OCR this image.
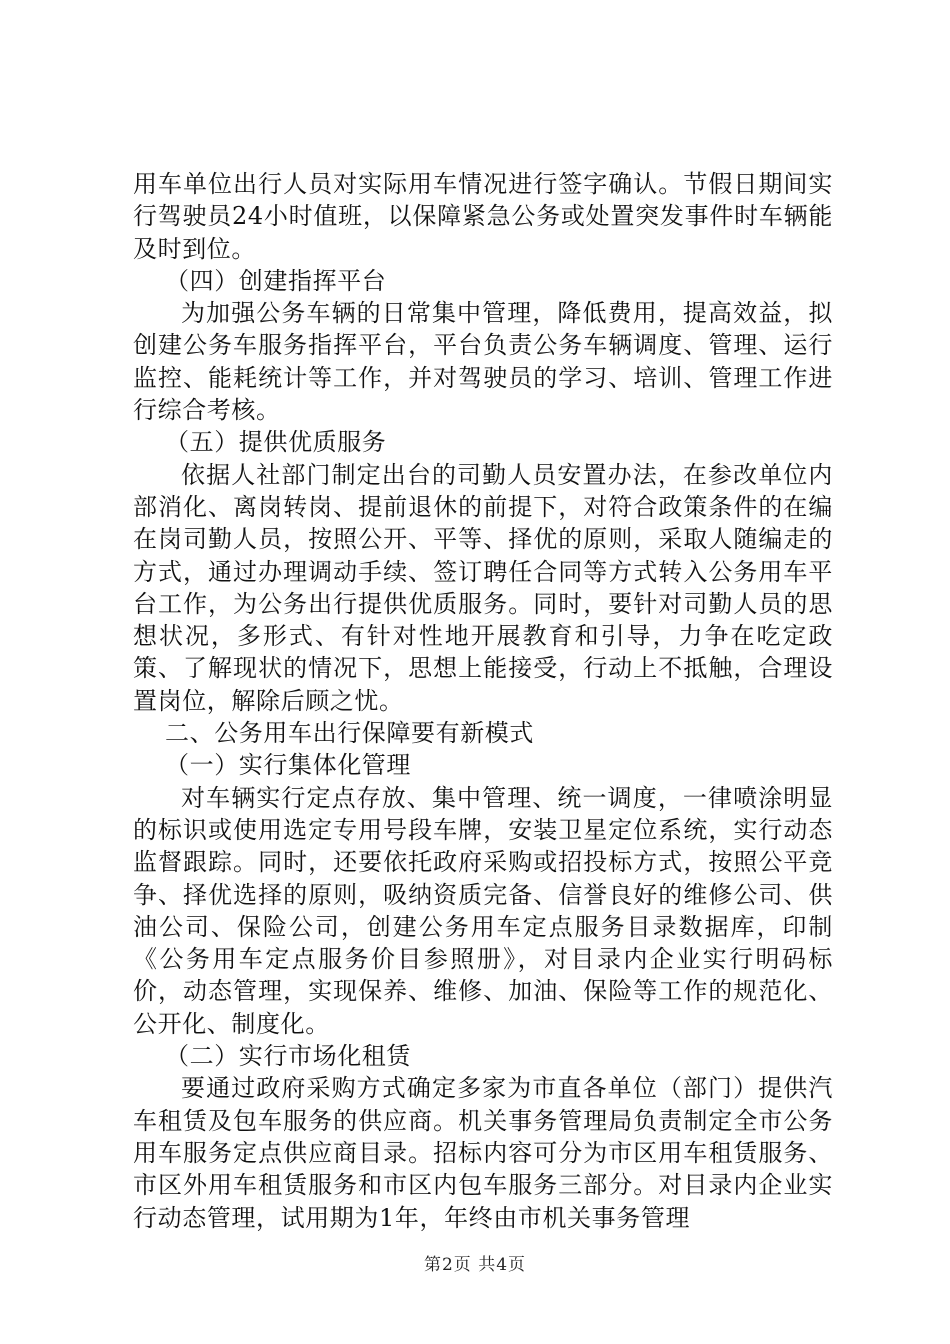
用车单位出行人员对实际用车情况进行签字确认。节假日期间实行驾驶员24小时值班，以保障紧急公务或处置突发事件时车辆能及时到位。

（四）创建指挥平台

为加强公务车辆的日常集中管理，降低费用，提高效益，拟创建公务车服务指挥平台，平台负责公务车辆调度、管理、运行监控、能耗统计等工作，并对驾驶员的学习、培训、管理工作进行综合考核。

（五）提供优质服务

依据人社部门制定出台的司勤人员安置办法，在参改单位内部消化、离岗转岗、提前退休的前提下，对符合政策条件的在编在岗司勤人员，按照公开、平等、择优的原则，采取人随编走的方式，通过办理调动手续、签订聘任合同等方式转入公务用车平台工作，为公务出行提供优质服务。同时，要针对司勤人员的思想状况，多形式、有针对性地开展教育和引导，力争在吃定政策、了解现状的情况下，思想上能接受，行动上不抵触，合理设置岗位，解除后顾之忧。

二、公务用车出行保障要有新模式

（一）实行集体化管理

对车辆实行定点存放、集中管理、统一调度，一律喷涂明显的标识或使用选定专用号段车牌，安装卫星定位系统，实行动态监督跟踪。同时，还要依托政府采购或招投标方式，按照公平竞争、择优选择的原则，吸纳资质完备、信誉良好的维修公司、供油公司、保险公司，创建公务用车定点服务目录数据库，印制《公务用车定点服务价目参照册》，对目录内企业实行明码标价，动态管理，实现保养、维修、加油、保险等工作的规范化、公开化、制度化。

（二）实行市场化租赁

要通过政府采购方式确定多家为市直各单位（部门）提供汽车租赁及包车服务的供应商。机关事务管理局负责制定全市公务用车服务定点供应商目录。招标内容可分为市区用车租赁服务、市区外用车租赁服务和市区内包车服务三部分。对目录内企业实行动态管理，试用期为1年，年终由市机关事务管理

第2页 共4页
